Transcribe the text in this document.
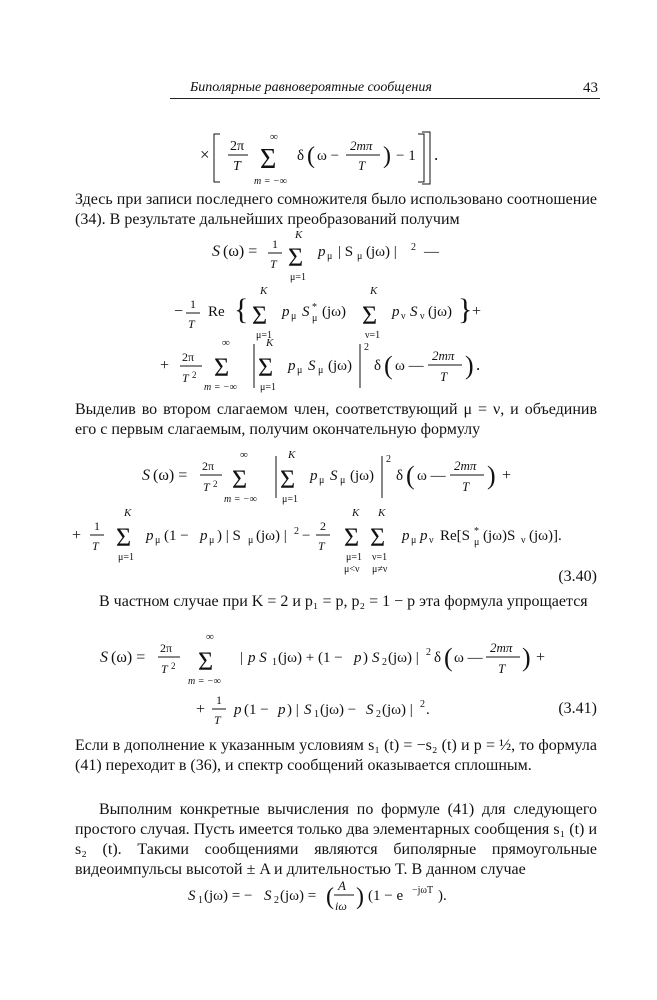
Биполярные равновероятные сообщения	43
× 2π
T
∞
Σ
m = −∞
δ ( ω −
2mπ
T ) − 1 .

Здесь при записи последнего сомножителя было использовано соотношение (34). В результате дальнейших преобразований получим

S (ω) = 1
T
K
Σ
μ=1
p μ | S μ (jω) | 2 —
− 1
T
Re {
K
Σ
μ=1
p μ S *
μ (jω)
K
Σ
ν=1
p ν S ν (jω) } +
+ 2π
T 2
∞
Σ
m = −∞
K
Σ
μ=1
p μ S μ (jω)
2
δ ( ω —
2mπ
T ) .

Выделив во втором слагаемом член, соответствующий μ = ν, и объединив его с первым слагаемым, получим окончательную формулу

S (ω) =
2π
T 2
∞
Σ
m = −∞
K
Σ
μ=1
p μ S μ (jω)
2
δ ( ω —
2mπ
T ) +
+
1
T
K
Σ
μ=1
p μ (1 − p μ ) | S μ (jω) | 2 −
2
T
K
Σ
μ=1
μ<ν
K
Σ
ν=1
μ≠ν
p μ p ν Re[S *
μ (jω)S ν (jω)].
(3.40)

В частном случае при K = 2 и p₁ = p, p₂ = 1 − p эта формула упрощается

S (ω) =
2π
T 2
∞
Σ
m = −∞
| p S 1 (jω) + (1 − p ) S 2 (jω) | 2 δ ( ω —
2mπ
T ) +
+
1
T
p (1 − p ) | S 1 (jω) − S 2 (jω) | 2 .	(3.41)

Если в дополнение к указанным условиям s₁ (t) = −s₂ (t) и p = ½, то формула (41) переходит в (36), и спектр сообщений оказывается сплошным.

Выполним конкретные вычисления по формуле (41) для следующего простого случая. Пусть имеется только два элементарных сообщения s₁ (t) и s₂ (t). Такими сообщениями являются биполярные прямоугольные видеоимпульсы высотой ± A и длительностью T. В данном случае

S 1 (jω) = − S 2 (jω) = ( A
iω ) (1 − e −jωT ).
